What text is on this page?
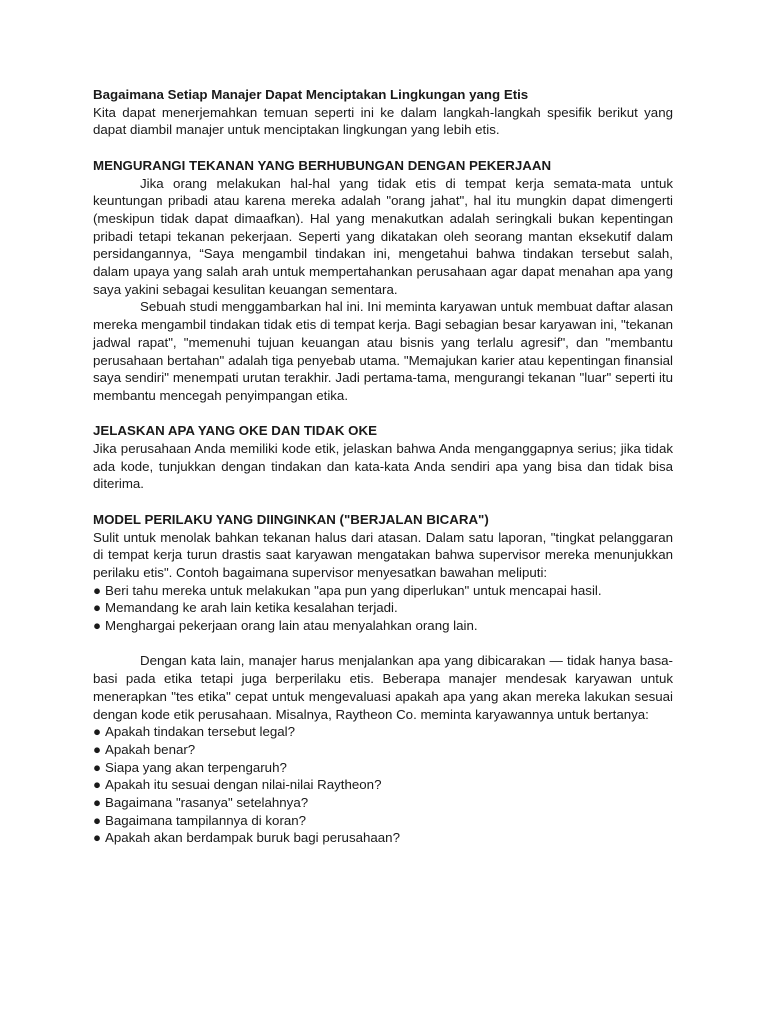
Bagaimana Setiap Manajer Dapat Menciptakan Lingkungan yang Etis

Kita dapat menerjemahkan temuan seperti ini ke dalam langkah-langkah spesifik berikut yang dapat diambil manajer untuk menciptakan lingkungan yang lebih etis.

MENGURANGI TEKANAN YANG BERHUBUNGAN DENGAN PEKERJAAN

Jika orang melakukan hal-hal yang tidak etis di tempat kerja semata-mata untuk keuntungan pribadi atau karena mereka adalah "orang jahat", hal itu mungkin dapat dimengerti (meskipun tidak dapat dimaafkan). Hal yang menakutkan adalah seringkali bukan kepentingan pribadi tetapi tekanan pekerjaan. Seperti yang dikatakan oleh seorang mantan eksekutif dalam persidangannya, “Saya mengambil tindakan ini, mengetahui bahwa tindakan tersebut salah, dalam upaya yang salah arah untuk mempertahankan perusahaan agar dapat menahan apa yang saya yakini sebagai kesulitan keuangan sementara.

Sebuah studi menggambarkan hal ini. Ini meminta karyawan untuk membuat daftar alasan mereka mengambil tindakan tidak etis di tempat kerja. Bagi sebagian besar karyawan ini, "tekanan jadwal rapat", "memenuhi tujuan keuangan atau bisnis yang terlalu agresif", dan "membantu perusahaan bertahan" adalah tiga penyebab utama. "Memajukan karier atau kepentingan finansial saya sendiri" menempati urutan terakhir. Jadi pertama-tama, mengurangi tekanan "luar" seperti itu membantu mencegah penyimpangan etika.

JELASKAN APA YANG OKE DAN TIDAK OKE

Jika perusahaan Anda memiliki kode etik, jelaskan bahwa Anda menganggapnya serius; jika tidak ada kode, tunjukkan dengan tindakan dan kata-kata Anda sendiri apa yang bisa dan tidak bisa diterima.

MODEL PERILAKU YANG DIINGINKAN ("BERJALAN BICARA")

Sulit untuk menolak bahkan tekanan halus dari atasan. Dalam satu laporan, "tingkat pelanggaran di tempat kerja turun drastis saat karyawan mengatakan bahwa supervisor mereka menunjukkan perilaku etis". Contoh bagaimana supervisor menyesatkan bawahan meliputi:

● Beri tahu mereka untuk melakukan "apa pun yang diperlukan" untuk mencapai hasil.
● Memandang ke arah lain ketika kesalahan terjadi.
● Menghargai pekerjaan orang lain atau menyalahkan orang lain.

Dengan kata lain, manajer harus menjalankan apa yang dibicarakan — tidak hanya basa-basi pada etika tetapi juga berperilaku etis. Beberapa manajer mendesak karyawan untuk menerapkan "tes etika" cepat untuk mengevaluasi apakah apa yang akan mereka lakukan sesuai dengan kode etik perusahaan. Misalnya, Raytheon Co. meminta karyawannya untuk bertanya:

● Apakah tindakan tersebut legal?
● Apakah benar?
● Siapa yang akan terpengaruh?
● Apakah itu sesuai dengan nilai-nilai Raytheon?
● Bagaimana "rasanya" setelahnya?
● Bagaimana tampilannya di koran?
● Apakah akan berdampak buruk bagi perusahaan?
